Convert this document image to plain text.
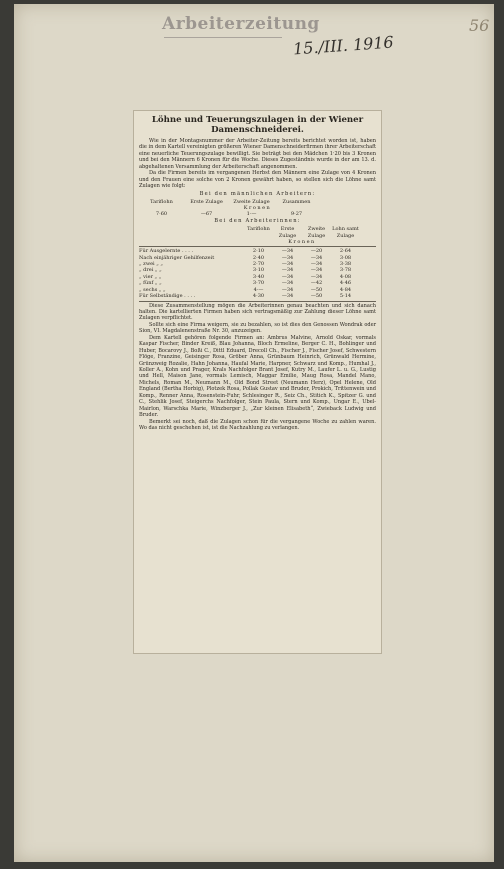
Arbeiterzeitung
15./III. 1916
56
Löhne und Teuerungszulagen in der Wiener Damenschneiderei.
Wie in der Montagsnummer der Arbeiter-Zeitung bereits berichtet worden ist, haben die in dem Kartell vereinigten größeren Wiener Damenschneiderfirmen ihrer Arbeiterschaft eine neuerliche Teuerungszulage bewilligt. Sie beträgt bei den Mädchen 1·20 bis 3 Kronen und bei den Männern 6 Kronen für die Woche. Dieses Zugeständnis wurde in der am 13. d. abgehaltenen Versammlung der Arbeiterschaft angenommen.
Da die Firmen bereits im vergangenen Herbst den Männern eine Zulage von 4 Kronen und den Frauen eine solche von 2 Kronen gewährt haben, so stellen sich die Löhne samt Zulagen wie folgt:
Bei den männlichen Arbeitern:
Tariflohn	Erste Zulage	Zweite Zulage	Zusammen
Kronen
7·60	—67	1·—	9·27
Bei den Arbeiterinnen:
Tariflohn	Erste Zulage
Zweite Zulage
Lohn samt Zulage
Kronen
Für Ausgelernte . . . .	2·10	—34	—20	2·64
Nach einjähriger Gehilfenzeit	2·40	—34	—34	3·08
„ zwei „ „	2·70	—34	—34	3·38
„ drei „ „	3·10	—34	—34	3·78
„ vier „ „	3·40	—34	—34	4·08
„ fünf „ „	3·70	—34	—42	4·46
„ sechs „ „	4·—	—34	—50	4·84
Für Selbständige . . . .	4·30	—34	—50	5·14
Diese Zusammenstellung mögen die Arbeiterinnen genau beachten und sich danach halten. Die kartellierten Firmen haben sich vertragsmäßig zur Zahlung dieser Löhne samt Zulagen verpflichtet.
Sollte sich eine Firma weigern, sie zu bezahlen, so ist dies den Genossen Wondrak oder Sion, VI. Magdalenenstraße Nr. 30, anzuzeigen.
Dem Kartell gehören folgende Firmen an: Ambrus Malvine, Arnold Oskar, vormals Kaspar Fischer, Binder Kreiß, Blau Johanna, Bloch Ermeline, Berger C. H., Bohlinger und Huber, Bocarovy J., Boßi C., Dittl Eduard, Drecoll Ch., Fischer J., Fischer Josef, Schwestern Flöge, Franzine, Geisinger Rosa, Gröber Anna, Grünbaum Heinrich, Grünwald Hermine, Grünzweig Rozalie, Hahn Johanna, Haufal Marie, Harpner, Schwarz und Komp., Humhal J., Koller A., Kohn und Prager, Krals Nachfolger Brant Josef, Kutry M., Laufer L. u. G., Lustig und Hell, Maison Jane, vormals Lemisch, Maggar Emilie, Maug Rosa, Mandel Mano, Michels, Roman M., Neumann M., Old Bond Street (Neumann Herz), Opel Helene, Old England (Bertha Horbig), Plotzek Rosa, Pollak Gustav und Bruder, Prokich, Trittenwein und Komp., Renner Anna, Rosenstein-Fuhr, Schlesinger R., Seiz Ch., Stitich K., Spitzer G. und C., Stehlik Josef, Steigerchs Nachfolger, Stein Paula, Stern und Komp., Ungar E., Ubel-Mairlon, Warschka Marie, Winzberger J., „Zur kleinen Elisabeth“, Zwieback Ludwig und Bruder.
Bemerkt sei noch, daß die Zulagen schon für die vergangene Woche zu zahlen waren. Wo das nicht geschehen ist, ist die Nachzahlung zu verlangen.
